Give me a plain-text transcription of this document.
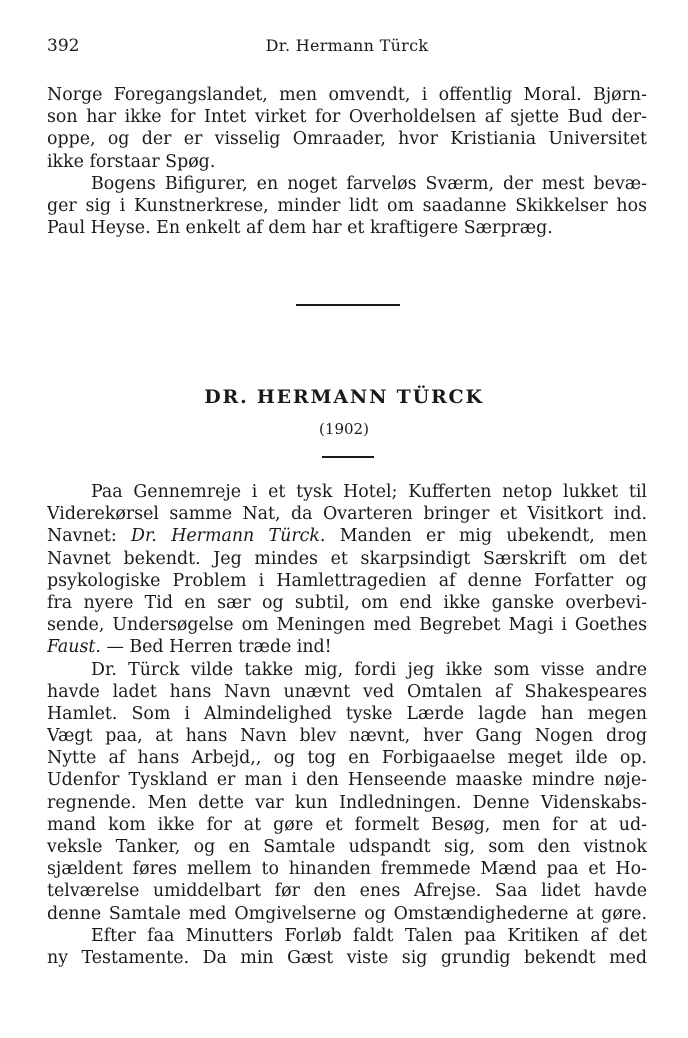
392	Dr. Hermann Türck
Norge Foregangslandet, men omvendt, i offentlig Moral. Bjørn-
son har ikke for Intet virket for Overholdelsen af sjette Bud der-
oppe, og der er visselig Omraader, hvor Kristiania Universitet
ikke forstaar Spøg.
Bogens Bifigurer, en noget farveløs Sværm, der mest bevæ-
ger sig i Kunstnerkrese, minder lidt om saadanne Skikkelser hos
Paul Heyse. En enkelt af dem har et kraftigere Særpræg.
DR. HERMANN TÜRCK
(1902)
Paa Gennemreje i et tysk Hotel; Kufferten netop lukket til
Viderekørsel samme Nat, da Ovarteren bringer et Visitkort ind.
Navnet: Dr. Hermann Türck. Manden er mig ubekendt, men
Navnet bekendt. Jeg mindes et skarpsindigt Særskrift om det
psykologiske Problem i Hamlettragedien af denne Forfatter og
fra nyere Tid en sær og subtil, om end ikke ganske overbevi-
sende, Undersøgelse om Meningen med Begrebet Magi i Goethes
Faust. — Bed Herren træde ind!
Dr. Türck vilde takke mig, fordi jeg ikke som visse andre
havde ladet hans Navn unævnt ved Omtalen af Shakespeares
Hamlet. Som i Almindelighed tyske Lærde lagde han megen
Vægt paa, at hans Navn blev nævnt, hver Gang Nogen drog
Nytte af hans Arbejd,, og tog en Forbigaaelse meget ilde op.
Udenfor Tyskland er man i den Henseende maaske mindre nøje-
regnende. Men dette var kun Indledningen. Denne Videnskabs-
mand kom ikke for at gøre et formelt Besøg, men for at ud-
veksle Tanker, og en Samtale udspandt sig, som den vistnok
sjældent føres mellem to hinanden fremmede Mænd paa et Ho-
telværelse umiddelbart før den enes Afrejse. Saa lidet havde
denne Samtale med Omgivelserne og Omstændighederne at gøre.
Efter faa Minutters Forløb faldt Talen paa Kritiken af det
ny Testamente. Da min Gæst viste sig grundig bekendt med
